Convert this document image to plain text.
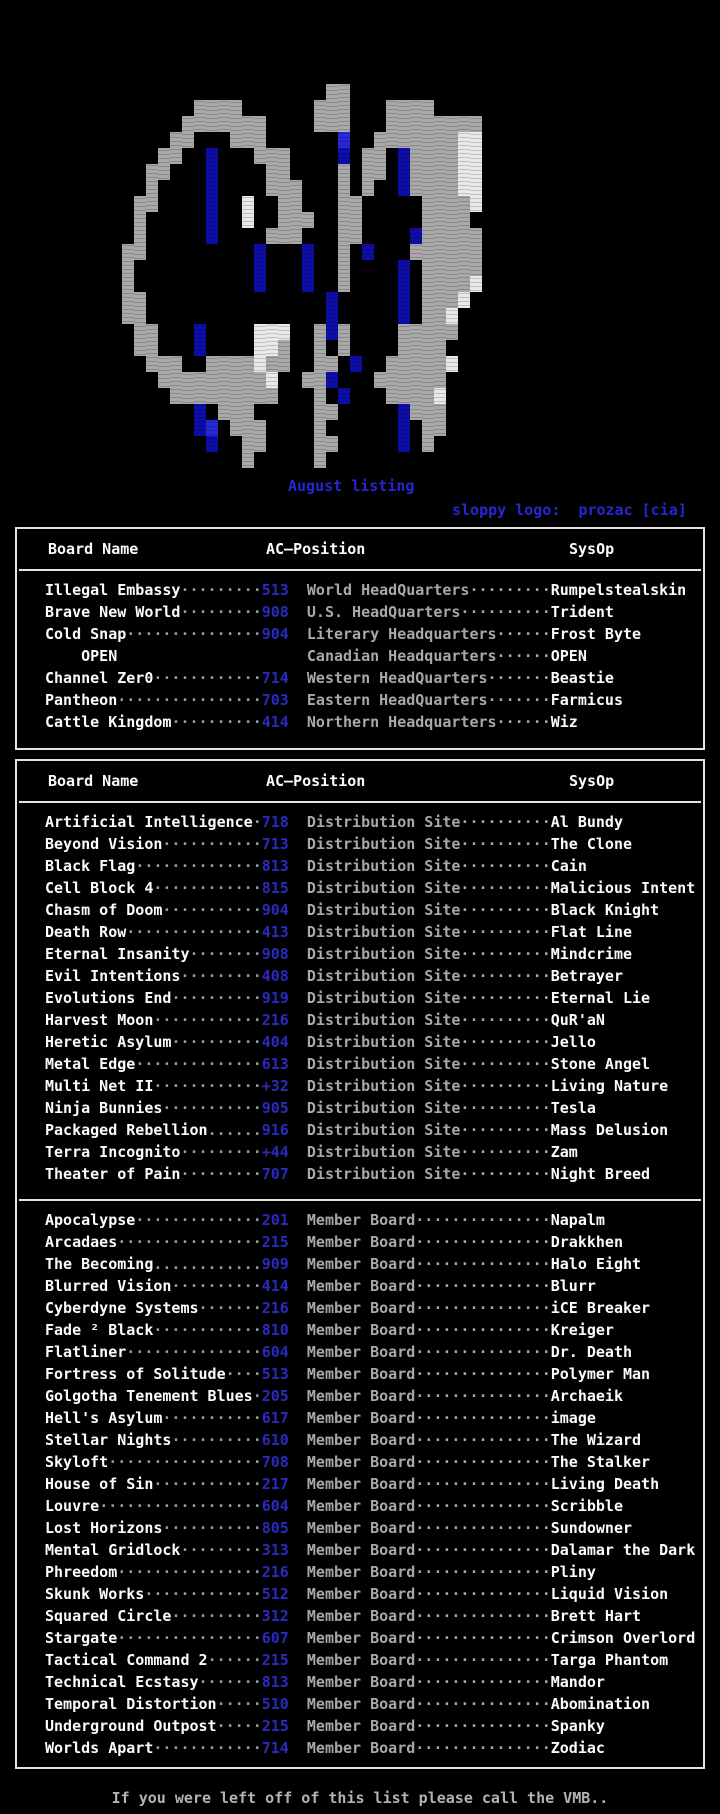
August listing
sloppy logo:  prozac [cia]
Board Name	AC—Position	SysOp
Illegal Embassy·········513  World HeadQuarters·········Rumpelstealskin
Brave New World·········908  U.S. HeadQuarters··········Trident
Cold Snap···············904  Literary Headquarters······Frost Byte
OPEN	Canadian Headquarters······OPEN
Channel Zer0············714  Western HeadQuarters·······Beastie
Pantheon················703  Eastern HeadQuarters·······Farmicus
Cattle Kingdom··········414  Northern Headquarters······Wiz
Board Name	AC—Position	SysOp
Artificial Intelligence·718  Distribution Site··········Al Bundy
Beyond Vision···········713  Distribution Site··········The Clone
Black Flag··············813  Distribution Site··········Cain
Cell Block 4············815  Distribution Site··········Malicious Intent
Chasm of Doom···········904  Distribution Site··········Black Knight
Death Row···············413  Distribution Site··········Flat Line
Eternal Insanity········908  Distribution Site··········Mindcrime
Evil Intentions·········408  Distribution Site··········Betrayer
Evolutions End··········919  Distribution Site··········Eternal Lie
Harvest Moon············216  Distribution Site··········QuR'aN
Heretic Asylum··········404  Distribution Site··········Jello
Metal Edge··············613  Distribution Site··········Stone Angel
Multi Net II············+32  Distribution Site··········Living Nature
Ninja Bunnies···········905  Distribution Site··········Tesla
Packaged Rebellion......916  Distribution Site··········Mass Delusion
Terra Incognito·········+44  Distribution Site··········Zam
Theater of Pain·········707  Distribution Site··········Night Breed
Apocalypse··············201  Member Board···············Napalm
Arcadaes················215  Member Board···············Drakkhen
The Becoming............909  Member Board···············Halo Eight
Blurred Vision··········414  Member Board···············Blurr
Cyberdyne Systems·······216  Member Board···············iCE Breaker
Fade ² Black············810  Member Board···············Kreiger
Flatliner···············604  Member Board···············Dr. Death
Fortress of Solitude····513  Member Board···············Polymer Man
Golgotha Tenement Blues·205  Member Board···············Archaeik
Hell's Asylum···········617  Member Board···············image
Stellar Nights··········610  Member Board···············The Wizard
Skyloft·················708  Member Board···············The Stalker
House of Sin············217  Member Board···············Living Death
Louvre··················604  Member Board···············Scribble
Lost Horizons···········805  Member Board···············Sundowner
Mental Gridlock·········313  Member Board···············Dalamar the Dark
Phreedom················216  Member Board···············Pliny
Skunk Works·············512  Member Board···············Liquid Vision
Squared Circle··········312  Member Board···············Brett Hart
Stargate················607  Member Board···············Crimson Overlord
Tactical Command 2······215  Member Board···············Targa Phantom
Technical Ecstasy·······813  Member Board···············Mandor
Temporal Distortion·····510  Member Board···············Abomination
Underground Outpost·····215  Member Board···············Spanky
Worlds Apart············714  Member Board···············Zodiac
If you were left off of this list please call the VMB..
